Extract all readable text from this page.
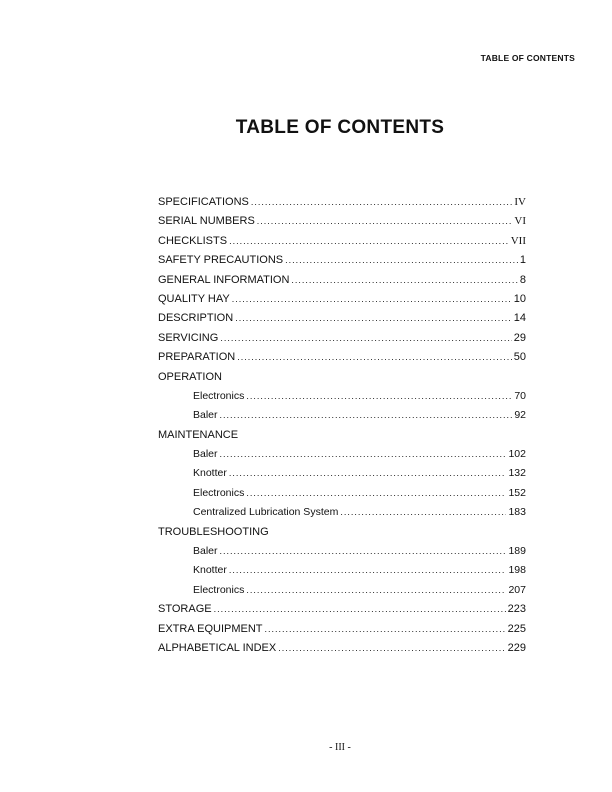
TABLE OF CONTENTS
TABLE OF CONTENTS
SPECIFICATIONS .....	IV
SERIAL NUMBERS .....	VI
CHECKLISTS .....	VII
SAFETY PRECAUTIONS .....	1
GENERAL INFORMATION .....	8
QUALITY HAY .....	10
DESCRIPTION .....	14
SERVICING .....	29
PREPARATION .....	50
OPERATION
Electronics .....	70
Baler .....	92
MAINTENANCE
Baler .....	102
Knotter .....	132
Electronics .....	152
Centralized Lubrication System .....	183
TROUBLESHOOTING
Baler .....	189
Knotter .....	198
Electronics .....	207
STORAGE .....	223
EXTRA EQUIPMENT .....	225
ALPHABETICAL INDEX .....	229
- III -
